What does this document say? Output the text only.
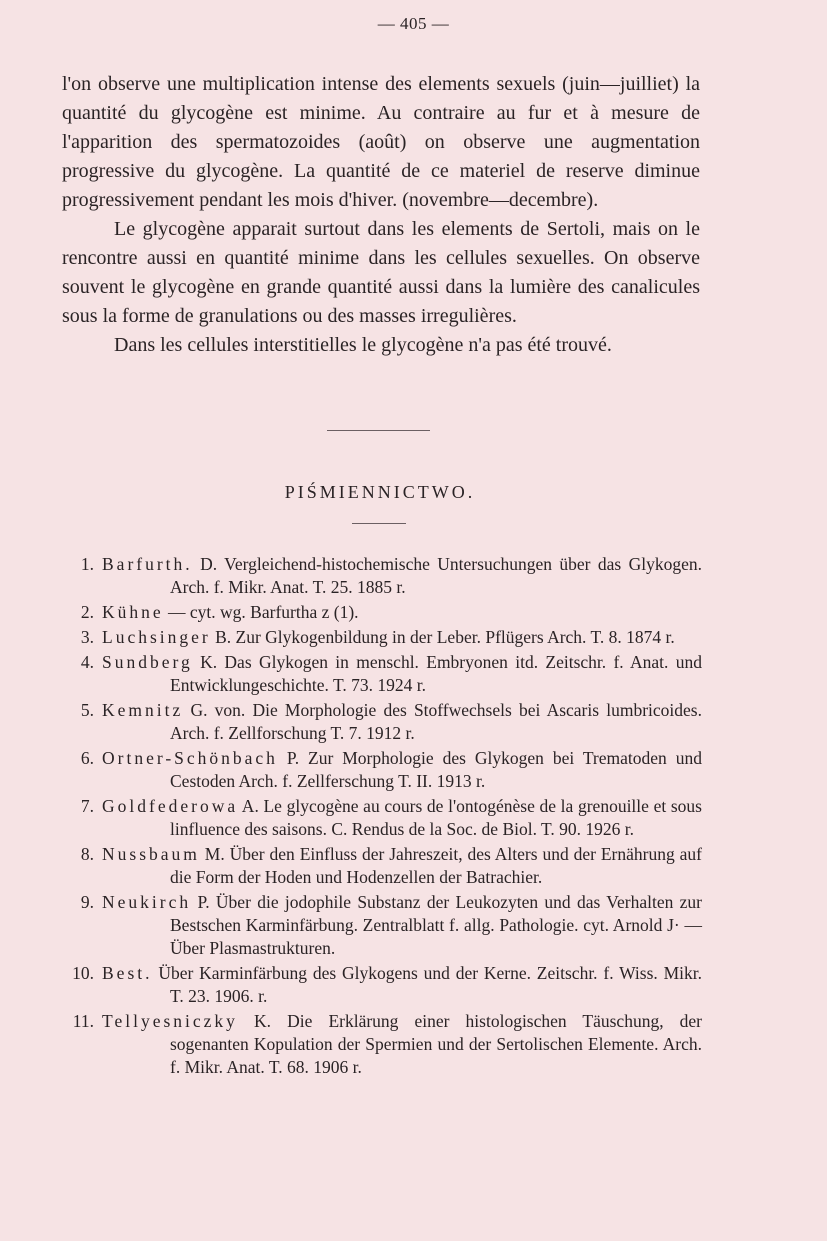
— 405 —

l'on observe une multiplication intense des elements sexuels (juin—juilliet) la quantité du glycogène est minime. Au contraire au fur et à mesure de l'apparition des spermatozoides (août) on observe une augmentation progressive du glycogène. La quantité de ce materiel de reserve diminue progressivement pendant les mois d'hiver. (novembre—decembre).

Le glycogène apparait surtout dans les elements de Sertoli, mais on le rencontre aussi en quantité minime dans les cellules sexuelles. On observe souvent le glycogène en grande quantité aussi dans la lumière des canalicules sous la forme de granulations ou des masses irregulières.

Dans les cellules interstitielles le glycogène n'a pas été trouvé.

PIŚMIENNICTWO.
1. Barfurth. D. Vergleichend-histochemische Untersuchungen über das Glykogen. Arch. f. Mikr. Anat. T. 25. 1885 r.
2. Kühne — cyt. wg. Barfurtha z (1).
3. Luchsinger B. Zur Glykogenbildung in der Leber. Pflügers Arch. T. 8. 1874 r.
4. Sundberg K. Das Glykogen in menschl. Embryonen itd. Zeitschr. f. Anat. und Entwicklungeschichte. T. 73. 1924 r.
5. Kemnitz G. von. Die Morphologie des Stoffwechsels bei Ascaris lumbricoides. Arch. f. Zellforschung T. 7. 1912 r.
6. Ortner-Schönbach P. Zur Morphologie des Glykogen bei Trematoden und Cestoden Arch. f. Zellferschung T. II. 1913 r.
7. Goldfederowa A. Le glycogène au cours de l'ontogénèse de la grenouille et sous linfluence des saisons. C. Rendus de la Soc. de Biol. T. 90. 1926 r.
8. Nussbaum M. Über den Einfluss der Jahreszeit, des Alters und der Ernährung auf die Form der Hoden und Hodenzellen der Batrachier.
9. Neukirch P. Über die jodophile Substanz der Leukozyten und das Verhalten zur Bestschen Karminfärbung. Zentralblatt f. allg. Pathologie. cyt. Arnold J· — Über Plasmastrukturen.
10. Best. Über Karminfärbung des Glykogens und der Kerne. Zeitschr. f. Wiss. Mikr. T. 23. 1906. r.
11. Tellyesniczky K. Die Erklärung einer histologischen Täuschung, der sogenanten Kopulation der Spermien und der Sertolischen Elemente. Arch. f. Mikr. Anat. T. 68. 1906 r.
